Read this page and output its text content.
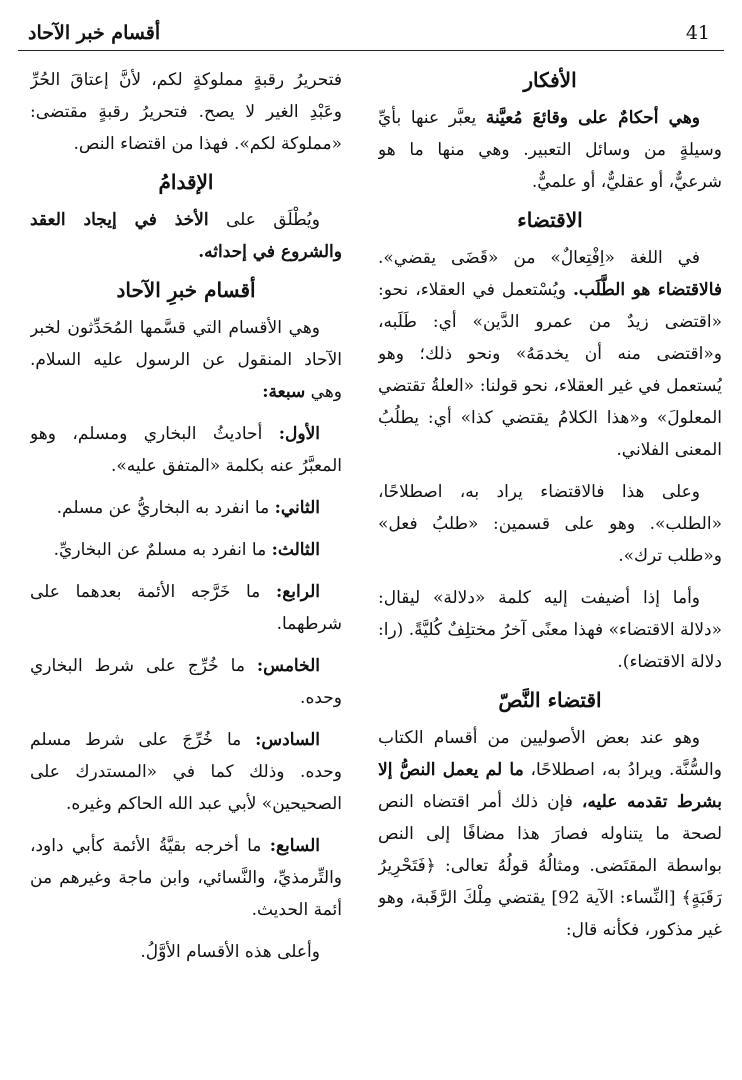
أقسام خبر الآحاد	41
الأفكار

وهي أحكامٌ على وقائعَ مُعيَّنة يعبَّر عنها بأيِّ وسيلةٍ من وسائل التعبير. وهي منها ما هو شرعيٌّ، أو عقليٌّ، أو علميٌّ.

الاقتضاء

في اللغة «اِفْتِعالٌ» من «قَضَى يقضي». فالاقتضاء هو الطَّلَب. ويُسْتعمل في العقلاء، نحو: «اقتضى زيدٌ من عمرو الدَّين» أي: طَلَبه، و«اقتضى منه أن يخدمَهُ» ونحو ذلك؛ وهو يُستعمل في غير العقلاء، نحو قولنا: «العلةُ تقتضي المعلولَ» و«هذا الكلامُ يقتضي كذا» أي: يطلُبُ المعنى الفلاني.

وعلى هذا فالاقتضاء يراد به، اصطلاحًا، «الطلب». وهو على قسمين: «طلبُ فعل» و«طلب ترك».

وأما إذا أضيفت إليه كلمة «دلالة» ليقال: «دلالة الاقتضاء» فهذا معنًى آخرُ مختلِفٌ كُليَّةً. (را: دلالة الاقتضاء).

اقتضاء النَّصّ

وهو عند بعض الأصوليين من أقسام الكتاب والسُّنَّة. ويرادُ به، اصطلاحًا، ما لم يعمل النصُّ إلا بشرط تقدمه عليه، فإن ذلك أمر اقتضاه النص لصحة ما يتناوله فصارَ هذا مضافًا إلى النص بواسطة المقتَضى. ومثالُهُ قولُهُ تعالى: ﴿فَتَحْرِيرُ رَقَبَةٍ﴾ [النِّساء: الآية 92] يقتضي مِلْكَ الرَّقَبة، وهو غير مذكور، فكأنه قال:

فتحريرُ رقبةٍ مملوكةٍ لكم، لأنَّ إعتاقَ الحُرِّ وعَبْدِ الغير لا يصح. فتحريرُ رقبةٍ مقتضى: «مملوكة لكم». فهذا من اقتضاء النص.

الإقدامُ

ويُطْلَق على الأخذ في إيجاد العقد والشروع في إحداثه.

أقسام خبرِ الآحاد

وهي الأقسام التي قسَّمها المُحَدِّثون لخبر الآحاد المنقول عن الرسول عليه السلام. وهي سبعة:

الأول: أحاديثُ البخاري ومسلم، وهو المعبَّرُ عنه بكلمة «المتفق عليه».

الثاني: ما انفرد به البخاريُّ عن مسلم.

الثالث: ما انفرد به مسلمٌ عن البخاريِّ.

الرابع: ما خَرَّجه الأئمة بعدهما على شرطهما.

الخامس: ما خُرِّج على شرط البخاري وحده.

السادس: ما خُرِّجَ على شرط مسلم وحده. وذلك كما في «المستدرك على الصحيحين» لأبي عبد الله الحاكم وغيره.

السابع: ما أخرجه بقيَّةُ الأئمة كأبي داود، والتِّرمذيِّ، والنَّسائي، وابن ماجة وغيرهم من أئمة الحديث.

وأعلى هذه الأقسام الأوَّلُ.
